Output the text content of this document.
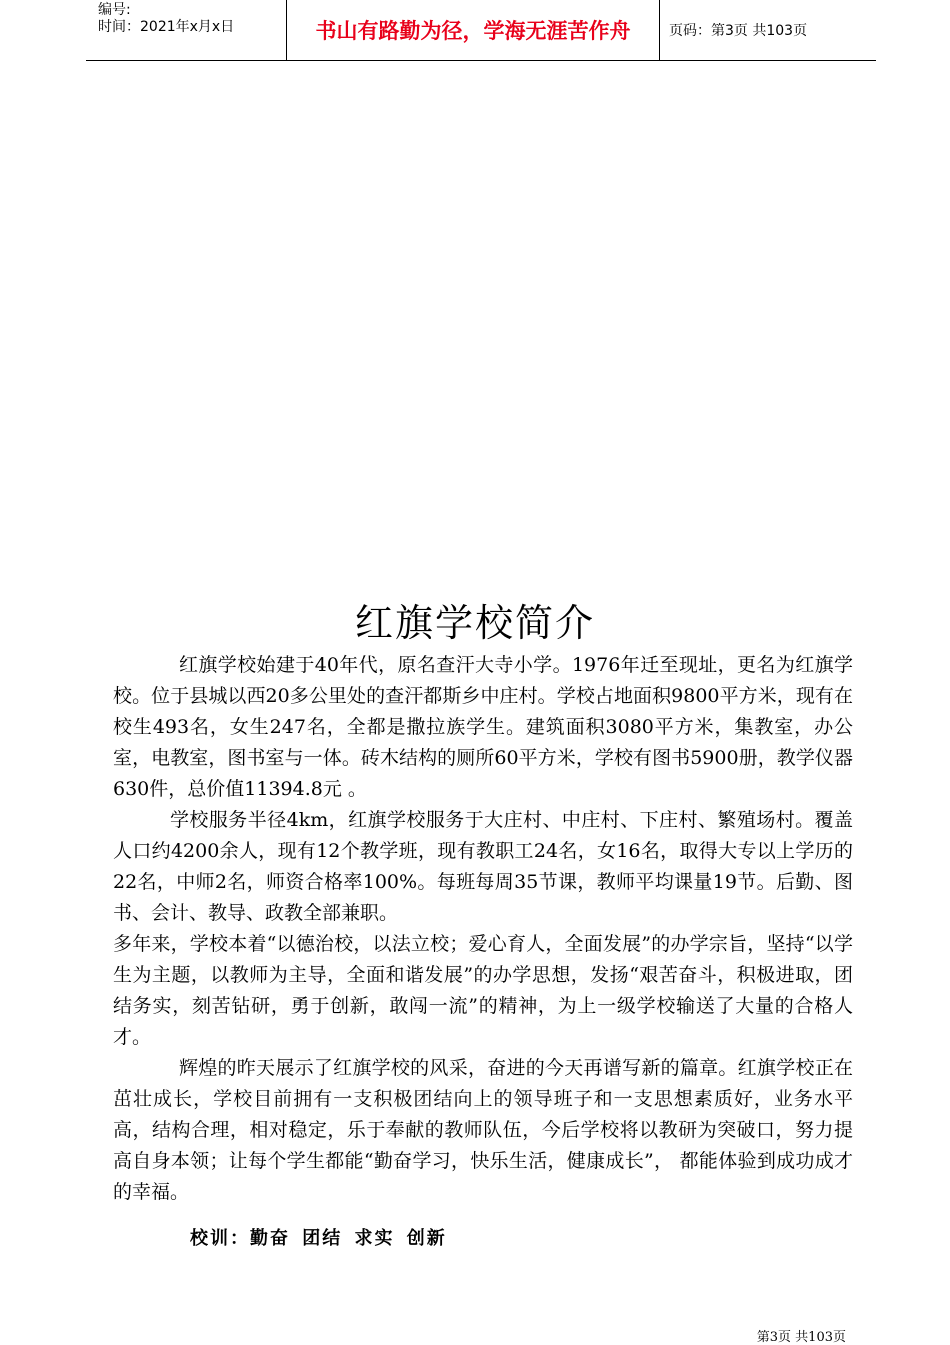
编号:
时间：2021年x月x日	书山有路勤为径，学海无涯苦作舟	页码：第3页 共103页
红旗学校简介

红旗学校始建于40年代，原名查汗大寺小学。1976年迁至现址，更名为红旗学校。位于县城以西20多公里处的查汗都斯乡中庄村。学校占地面积9800平方米，现有在校生493名，女生247名，全都是撒拉族学生。建筑面积3080平方米，集教室，办公室，电教室，图书室与一体。砖木结构的厕所60平方米，学校有图书5900册，教学仪器630件，总价值11394.8元 。

学校服务半径4km，红旗学校服务于大庄村、中庄村、下庄村、繁殖场村。覆盖人口约4200余人，现有12个教学班，现有教职工24名，女16名，取得大专以上学历的22名，中师2名，师资合格率100%。每班每周35节课，教师平均课量19节。后勤、图书、会计、教导、政教全部兼职。

多年来，学校本着“以德治校，以法立校；爱心育人，全面发展”的办学宗旨，坚持“以学生为主题，以教师为主导，全面和谐发展”的办学思想，发扬“艰苦奋斗，积极进取，团结务实，刻苦钻研，勇于创新，敢闯一流”的精神，为上一级学校输送了大量的合格人才。

辉煌的昨天展示了红旗学校的风采，奋进的今天再谱写新的篇章。红旗学校正在茁壮成长，学校目前拥有一支积极团结向上的领导班子和一支思想素质好，业务水平高，结构合理，相对稳定，乐于奉献的教师队伍，今后学校将以教研为突破口，努力提高自身本领；让每个学生都能“勤奋学习，快乐生活，健康成长”， 都能体验到成功成才的幸福。

校训：勤奋 团结 求实 创新
第3页 共103页
